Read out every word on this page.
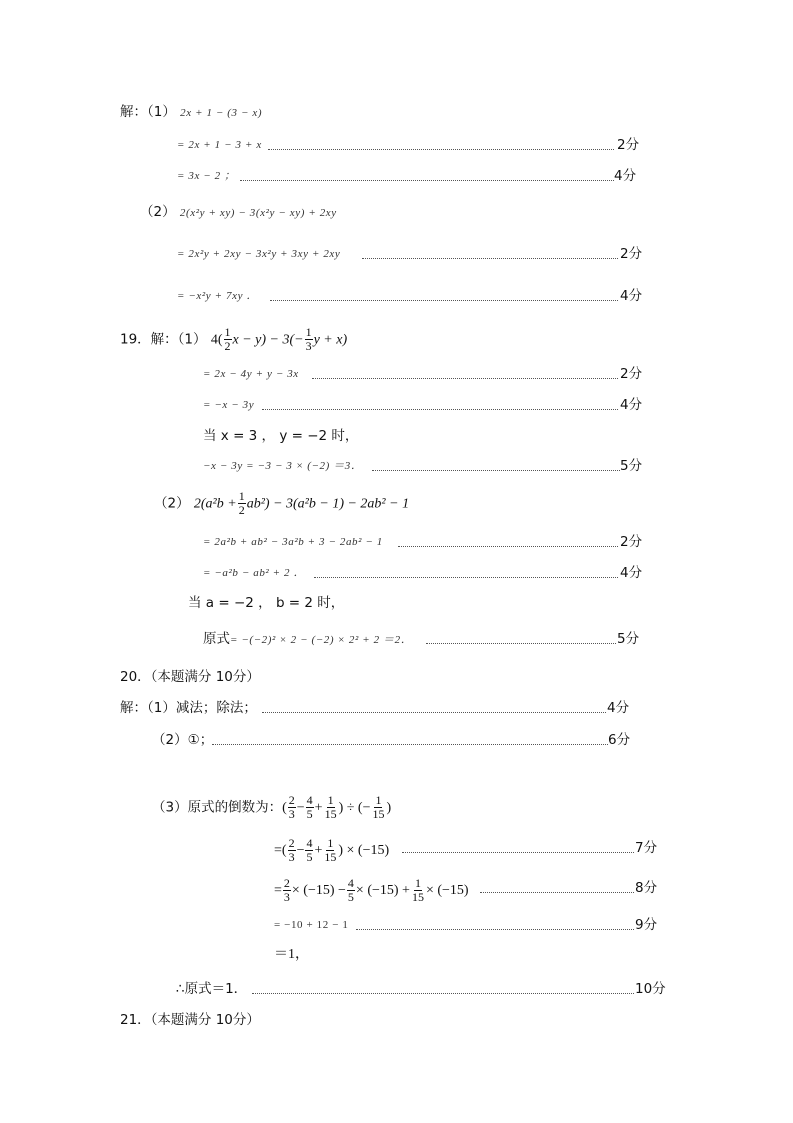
解：（1） 2x + 1 − (3 − x)
= 2x + 1 − 3 + x	2分
= 3x − 2 ；	4分
（2） 2(x²y + xy) − 3(x²y − xy) + 2xy
= 2x²y + 2xy − 3x²y + 3xy + 2xy	2分
= −x²y + 7xy ．	4分
19．解：（1） $4( \frac{1}{2}$ $x - y) - 3(- \frac{1}{3}$ y + x)
= 2x − 4y + y − 3x	2分
= −x − 3y	4分
当 x = 3 ， y = −2 时，
−x − 3y = −3 − 3 × (−2) ＝3．	5分
（2） $2(a^2b + \frac{1}{2} ab^2) - 3(a^2b - 1) - 2ab^2 - 1$
= 2a²b + ab² − 3a²b + 3 − 2ab² − 1	2分
= −a²b − ab² + 2 ．	4分
当 a = −2 ， b = 2 时，
原式= −(−2)² × 2 − (−2) × 2² + 2 ＝2．	5分
20．（本题满分 10分）
解：（1）减法；除法；	4分
（2）①；	6分
（3）原式的倒数为：( $\frac{2}{3} - \frac{4}{5} + \frac{1}{15}$ ) ÷ (− $\frac{1}{15}$ )
=( $\frac{2}{3} - \frac{4}{5} + \frac{1}{15}$ ) × (−15)	7分
= $\frac{2}{3} \times (-15) - \frac{4}{5} \times (-15) + \frac{1}{15} \times (-15)$	8分
= −10 + 12 − 1	9分
＝1，
∴原式＝1．	10分
21．（本题满分 10分）
